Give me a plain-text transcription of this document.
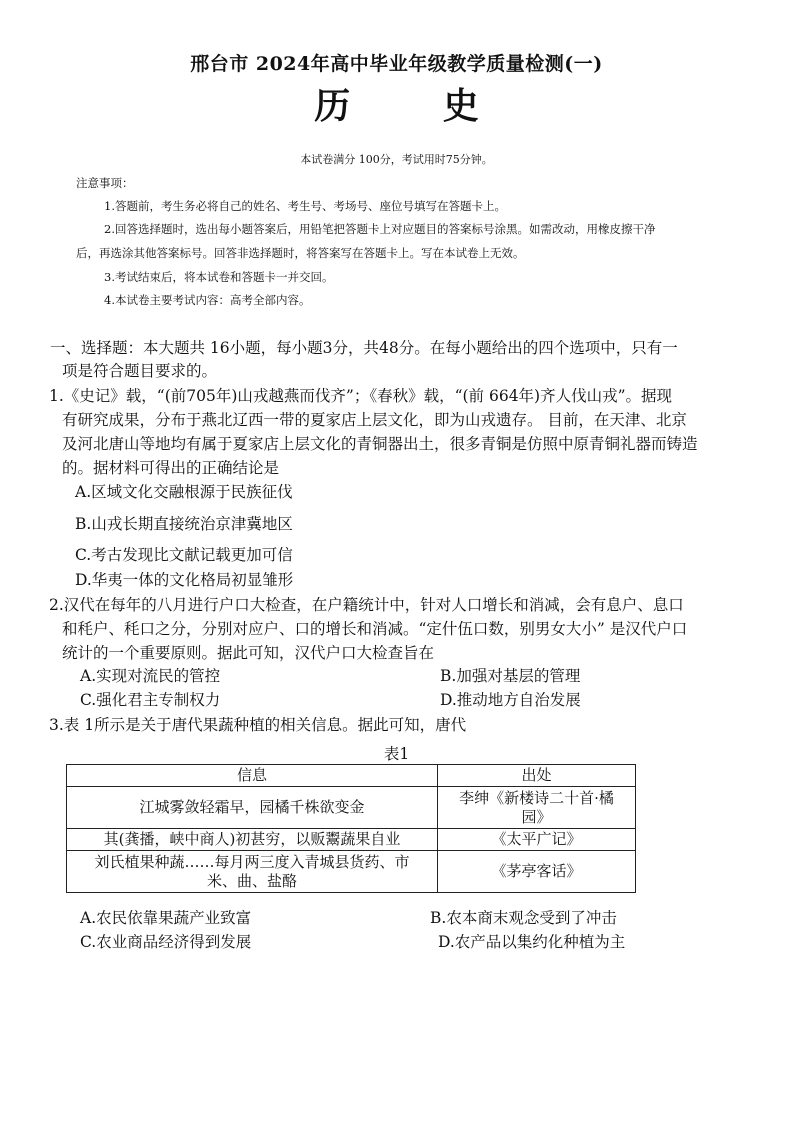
邢台市 2024年高中毕业年级教学质量检测(一)
历	史
本试卷满分 100分，考试用时75分钟。
注意事项：
1.答题前，考生务必将自己的姓名、考生号、考场号、座位号填写在答题卡上。
2.回答选择题时，选出每小题答案后，用铅笔把答题卡上对应题目的答案标号涂黑。如需改动，用橡皮擦干净
后，再选涂其他答案标号。回答非选择题时，将答案写在答题卡上。写在本试卷上无效。
3.考试结束后，将本试卷和答题卡一并交回。
4.本试卷主要考试内容：高考全部内容。
一、选择题：本大题共 16小题，每小题3分，共48分。在每小题给出的四个选项中，只有一
项是符合题目要求的。
1.《史记》载，“(前705年)山戎越燕而伐齐”；《春秋》载，“(前 664年)齐人伐山戎”。据现
有研究成果，分布于燕北辽西一带的夏家店上层文化，即为山戎遗存。 目前，在天津、北京
及河北唐山等地均有属于夏家店上层文化的青铜器出土，很多青铜是仿照中原青铜礼器而铸造
的。据材料可得出的正确结论是
A.区域文化交融根源于民族征伐
B.山戎长期直接统治京津冀地区
C.考古发现比文献记载更加可信
D.华夷一体的文化格局初显雏形
2.汉代在每年的八月进行户口大检查，在户籍统计中，针对人口增长和消减，会有息户、息口
和秏户、秏口之分，分别对应户、口的增长和消减。“定什伍口数，别男女大小” 是汉代户口
统计的一个重要原则。据此可知，汉代户口大检查旨在
A.实现对流民的管控	B.加强对基层的管理
C.强化君主专制权力	D.推动地方自治发展
3.表 1所示是关于唐代果蔬种植的相关信息。据此可知，唐代
表1
信息	出处
江城雾敛轻霜早，园橘千株欲变金	李绅《新楼诗二十首·橘
园》

其(龚播，峡中商人)初甚穷，以贩鬻蔬果自业	《太平广记》

刘氏植果种蔬……每月两三度入青城县货药、市
米、曲、盐酪	《茅亭客话》
A.农民依靠果蔬产业致富	B.农本商末观念受到了冲击
C.农业商品经济得到发展	D.农产品以集约化种植为主
